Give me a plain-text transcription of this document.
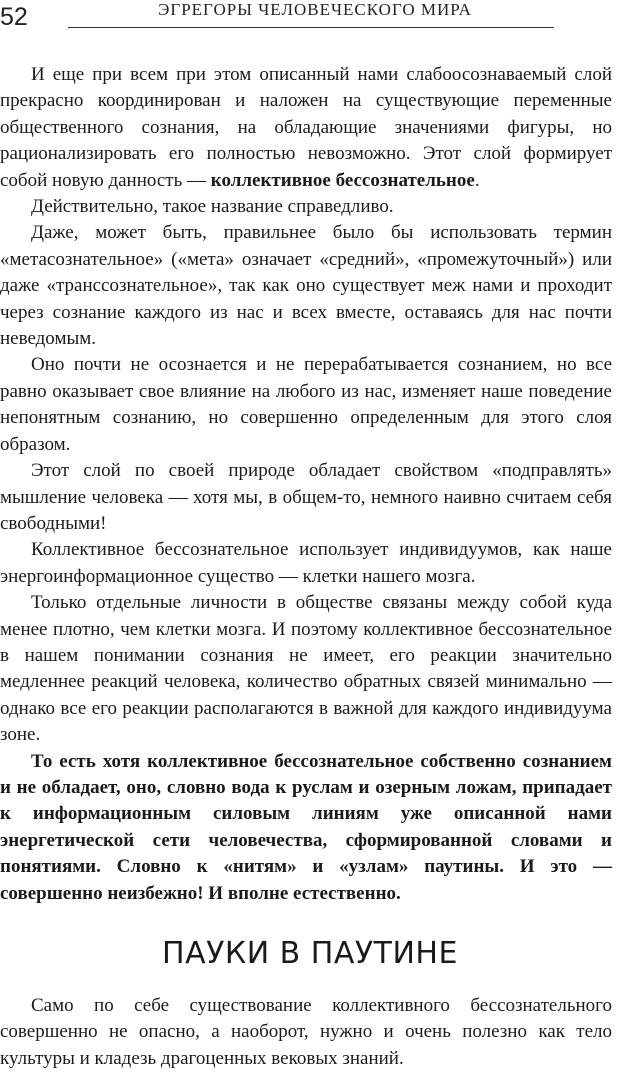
52	ЭГРЕГОРЫ ЧЕЛОВЕЧЕСКОГО МИРА

И еще при всем при этом описанный нами слабоосознаваемый слой прекрасно координирован и наложен на существующие переменные общественного сознания, на обладающие значениями фигуры, но рационализировать его полностью невозможно. Этот слой формирует собой новую данность — коллективное бессознательное.

Действительно, такое название справедливо.

Даже, может быть, правильнее было бы использовать термин «метасознательное» («мета» означает «средний», «промежуточный») или даже «транссознательное», так как оно существует меж нами и проходит через сознание каждого из нас и всех вместе, оставаясь для нас почти неведомым.

Оно почти не осознается и не перерабатывается сознанием, но все равно оказывает свое влияние на любого из нас, изменяет наше поведение непонятным сознанию, но совершенно определенным для этого слоя образом.

Этот слой по своей природе обладает свойством «подправлять» мышление человека — хотя мы, в общем-то, немного наивно считаем себя свободными!

Коллективное бессознательное использует индивидуумов, как наше энергоинформационное существо — клетки нашего мозга.

Только отдельные личности в обществе связаны между собой куда менее плотно, чем клетки мозга. И поэтому коллективное бессознательное в нашем понимании сознания не имеет, его реакции значительно медленнее реакций человека, количество обратных связей минимально — однако все его реакции располагаются в важной для каждого индивидуума зоне.

То есть хотя коллективное бессознательное собственно сознанием и не обладает, оно, словно вода к руслам и озерным ложам, припадает к информационным силовым линиям уже описанной нами энергетической сети человечества, сформированной словами и понятиями. Словно к «нитям» и «узлам» паутины. И это — совершенно неизбежно! И вполне естественно.

ПАУКИ В ПАУТИНЕ

Само по себе существование коллективного бессознательного совершенно не опасно, а наоборот, нужно и очень полезно как тело культуры и кладезь драгоценных вековых знаний.
